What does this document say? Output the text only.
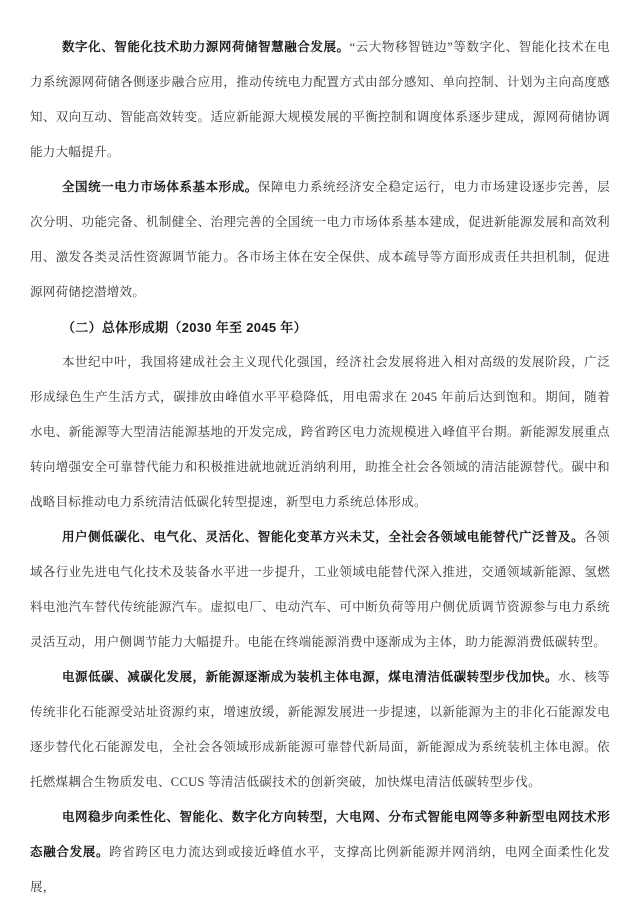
数字化、智能化技术助力源网荷储智慧融合发展。“云大物移智链边”等数字化、智能化技术在电力系统源网荷储各侧逐步融合应用，推动传统电力配置方式由部分感知、单向控制、计划为主向高度感知、双向互动、智能高效转变。适应新能源大规模发展的平衡控制和调度体系逐步建成，源网荷储协调能力大幅提升。

全国统一电力市场体系基本形成。保障电力系统经济安全稳定运行，电力市场建设逐步完善，层次分明、功能完备、机制健全、治理完善的全国统一电力市场体系基本建成，促进新能源发展和高效利用、激发各类灵活性资源调节能力。各市场主体在安全保供、成本疏导等方面形成责任共担机制，促进源网荷储挖潜增效。

（二）总体形成期（2030 年至 2045 年）

本世纪中叶，我国将建成社会主义现代化强国，经济社会发展将进入相对高级的发展阶段，广泛形成绿色生产生活方式，碳排放由峰值水平平稳降低，用电需求在 2045 年前后达到饱和。期间，随着水电、新能源等大型清洁能源基地的开发完成，跨省跨区电力流规模进入峰值平台期。新能源发展重点转向增强安全可靠替代能力和积极推进就地就近消纳利用，助推全社会各领域的清洁能源替代。碳中和战略目标推动电力系统清洁低碳化转型提速，新型电力系统总体形成。

用户侧低碳化、电气化、灵活化、智能化变革方兴未艾，全社会各领域电能替代广泛普及。各领域各行业先进电气化技术及装备水平进一步提升，工业领域电能替代深入推进，交通领域新能源、氢燃料电池汽车替代传统能源汽车。虚拟电厂、电动汽车、可中断负荷等用户侧优质调节资源参与电力系统灵活互动，用户侧调节能力大幅提升。电能在终端能源消费中逐渐成为主体，助力能源消费低碳转型。

电源低碳、减碳化发展，新能源逐渐成为装机主体电源，煤电清洁低碳转型步伐加快。水、核等传统非化石能源受站址资源约束，增速放缓，新能源发展进一步提速，以新能源为主的非化石能源发电逐步替代化石能源发电，全社会各领域形成新能源可靠替代新局面，新能源成为系统装机主体电源。依托燃煤耦合生物质发电、CCUS 等清洁低碳技术的创新突破，加快煤电清洁低碳转型步伐。

电网稳步向柔性化、智能化、数字化方向转型，大电网、分布式智能电网等多种新型电网技术形态融合发展。跨省跨区电力流达到或接近峰值水平，支撑高比例新能源并网消纳，电网全面柔性化发展，
